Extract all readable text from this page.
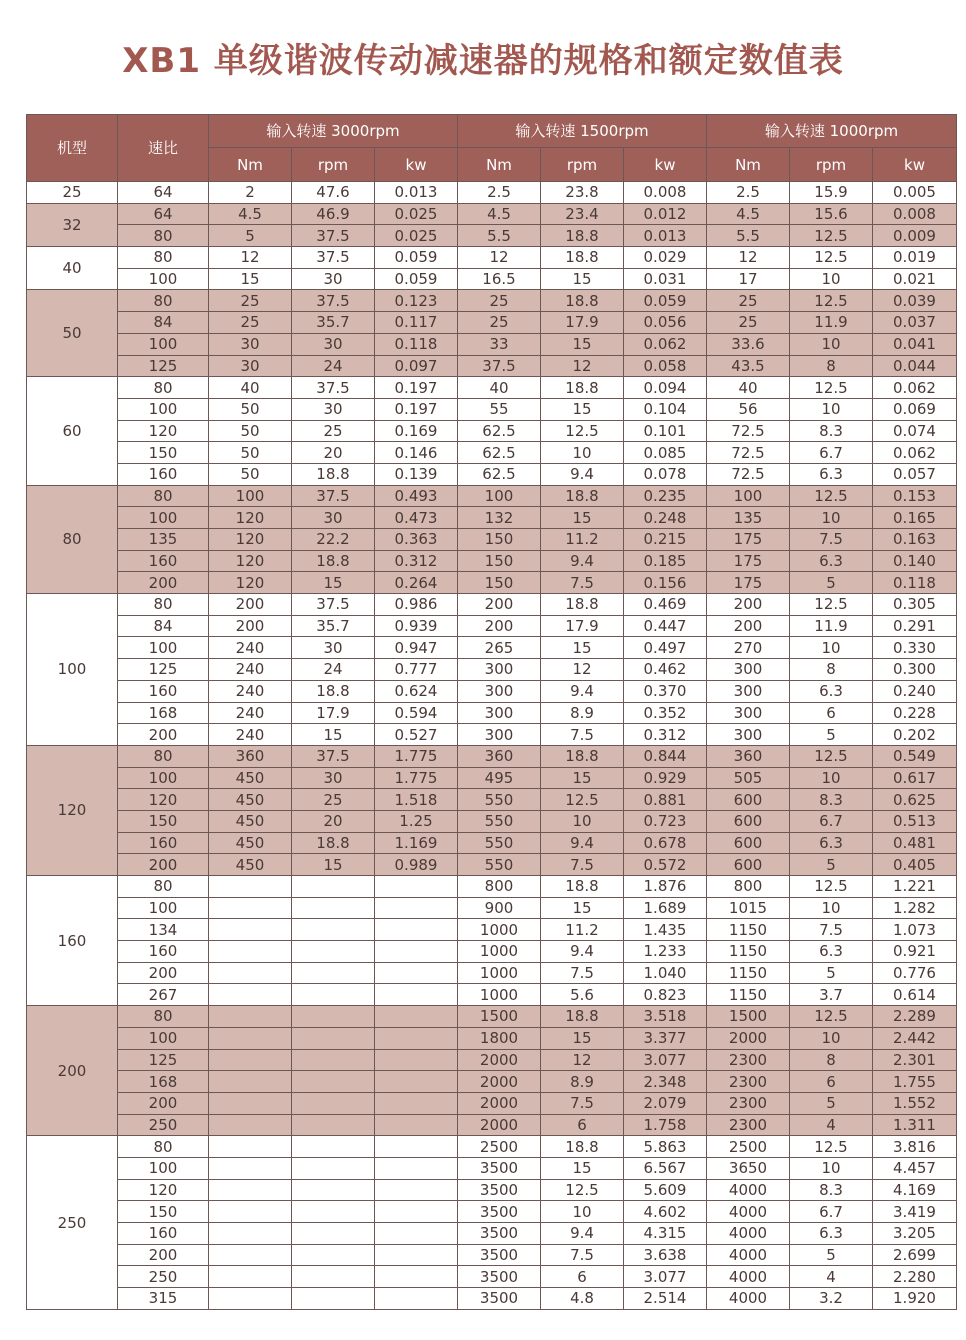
XB1 单级谐波传动减速器的规格和额定数值表
机型	速比	输入转速 3000rpm			输入转速 1500rpm			输入转速 1000rpm		
		Nm	rpm	kw	Nm	rpm	kw	Nm	rpm	kw
25	64	2	47.6	0.013	2.5	23.8	0.008	2.5	15.9	0.005
32	64	4.5	46.9	0.025	4.5	23.4	0.012	4.5	15.6	0.008
	80	5	37.5	0.025	5.5	18.8	0.013	5.5	12.5	0.009
40	80	12	37.5	0.059	12	18.8	0.029	12	12.5	0.019
	100	15	30	0.059	16.5	15	0.031	17	10	0.021
50	80	25	37.5	0.123	25	18.8	0.059	25	12.5	0.039
	84	25	35.7	0.117	25	17.9	0.056	25	11.9	0.037
	100	30	30	0.118	33	15	0.062	33.6	10	0.041
	125	30	24	0.097	37.5	12	0.058	43.5	8	0.044
60	80	40	37.5	0.197	40	18.8	0.094	40	12.5	0.062
	100	50	30	0.197	55	15	0.104	56	10	0.069
	120	50	25	0.169	62.5	12.5	0.101	72.5	8.3	0.074
	150	50	20	0.146	62.5	10	0.085	72.5	6.7	0.062
	160	50	18.8	0.139	62.5	9.4	0.078	72.5	6.3	0.057
80	80	100	37.5	0.493	100	18.8	0.235	100	12.5	0.153
	100	120	30	0.473	132	15	0.248	135	10	0.165
	135	120	22.2	0.363	150	11.2	0.215	175	7.5	0.163
	160	120	18.8	0.312	150	9.4	0.185	175	6.3	0.140
	200	120	15	0.264	150	7.5	0.156	175	5	0.118
100	80	200	37.5	0.986	200	18.8	0.469	200	12.5	0.305
	84	200	35.7	0.939	200	17.9	0.447	200	11.9	0.291
	100	240	30	0.947	265	15	0.497	270	10	0.330
	125	240	24	0.777	300	12	0.462	300	8	0.300
	160	240	18.8	0.624	300	9.4	0.370	300	6.3	0.240
	168	240	17.9	0.594	300	8.9	0.352	300	6	0.228
	200	240	15	0.527	300	7.5	0.312	300	5	0.202
120	80	360	37.5	1.775	360	18.8	0.844	360	12.5	0.549
	100	450	30	1.775	495	15	0.929	505	10	0.617
	120	450	25	1.518	550	12.5	0.881	600	8.3	0.625
	150	450	20	1.25	550	10	0.723	600	6.7	0.513
	160	450	18.8	1.169	550	9.4	0.678	600	6.3	0.481
	200	450	15	0.989	550	7.5	0.572	600	5	0.405
160	80				800	18.8	1.876	800	12.5	1.221
	100				900	15	1.689	1015	10	1.282
	134				1000	11.2	1.435	1150	7.5	1.073
	160				1000	9.4	1.233	1150	6.3	0.921
	200				1000	7.5	1.040	1150	5	0.776
	267				1000	5.6	0.823	1150	3.7	0.614
200	80				1500	18.8	3.518	1500	12.5	2.289
	100				1800	15	3.377	2000	10	2.442
	125				2000	12	3.077	2300	8	2.301
	168				2000	8.9	2.348	2300	6	1.755
	200				2000	7.5	2.079	2300	5	1.552
	250				2000	6	1.758	2300	4	1.311
250	80				2500	18.8	5.863	2500	12.5	3.816
	100				3500	15	6.567	3650	10	4.457
	120				3500	12.5	5.609	4000	8.3	4.169
	150				3500	10	4.602	4000	6.7	3.419
	160				3500	9.4	4.315	4000	6.3	3.205
	200				3500	7.5	3.638	4000	5	2.699
	250				3500	6	3.077	4000	4	2.280
	315				3500	4.8	2.514	4000	3.2	1.920
